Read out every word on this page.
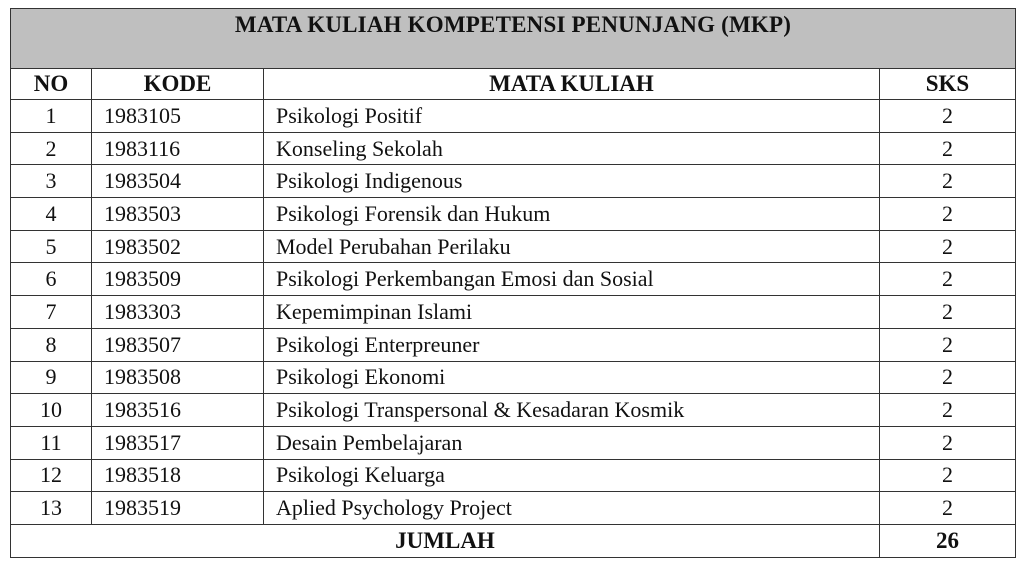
MATA KULIAH KOMPETENSI PENUNJANG (MKP)			
NO	KODE	MATA KULIAH	SKS
1	1983105	Psikologi Positif	2
2	1983116	Konseling Sekolah	2
3	1983504	Psikologi Indigenous	2
4	1983503	Psikologi Forensik dan Hukum	2
5	1983502	Model Perubahan Perilaku	2
6	1983509	Psikologi Perkembangan Emosi dan Sosial	2
7	1983303	Kepemimpinan Islami	2
8	1983507	Psikologi Enterpreuner	2
9	1983508	Psikologi Ekonomi	2
10	1983516	Psikologi Transpersonal & Kesadaran Kosmik	2
11	1983517	Desain Pembelajaran	2
12	1983518	Psikologi Keluarga	2
13	1983519	Aplied Psychology Project	2
JUMLAH			26
